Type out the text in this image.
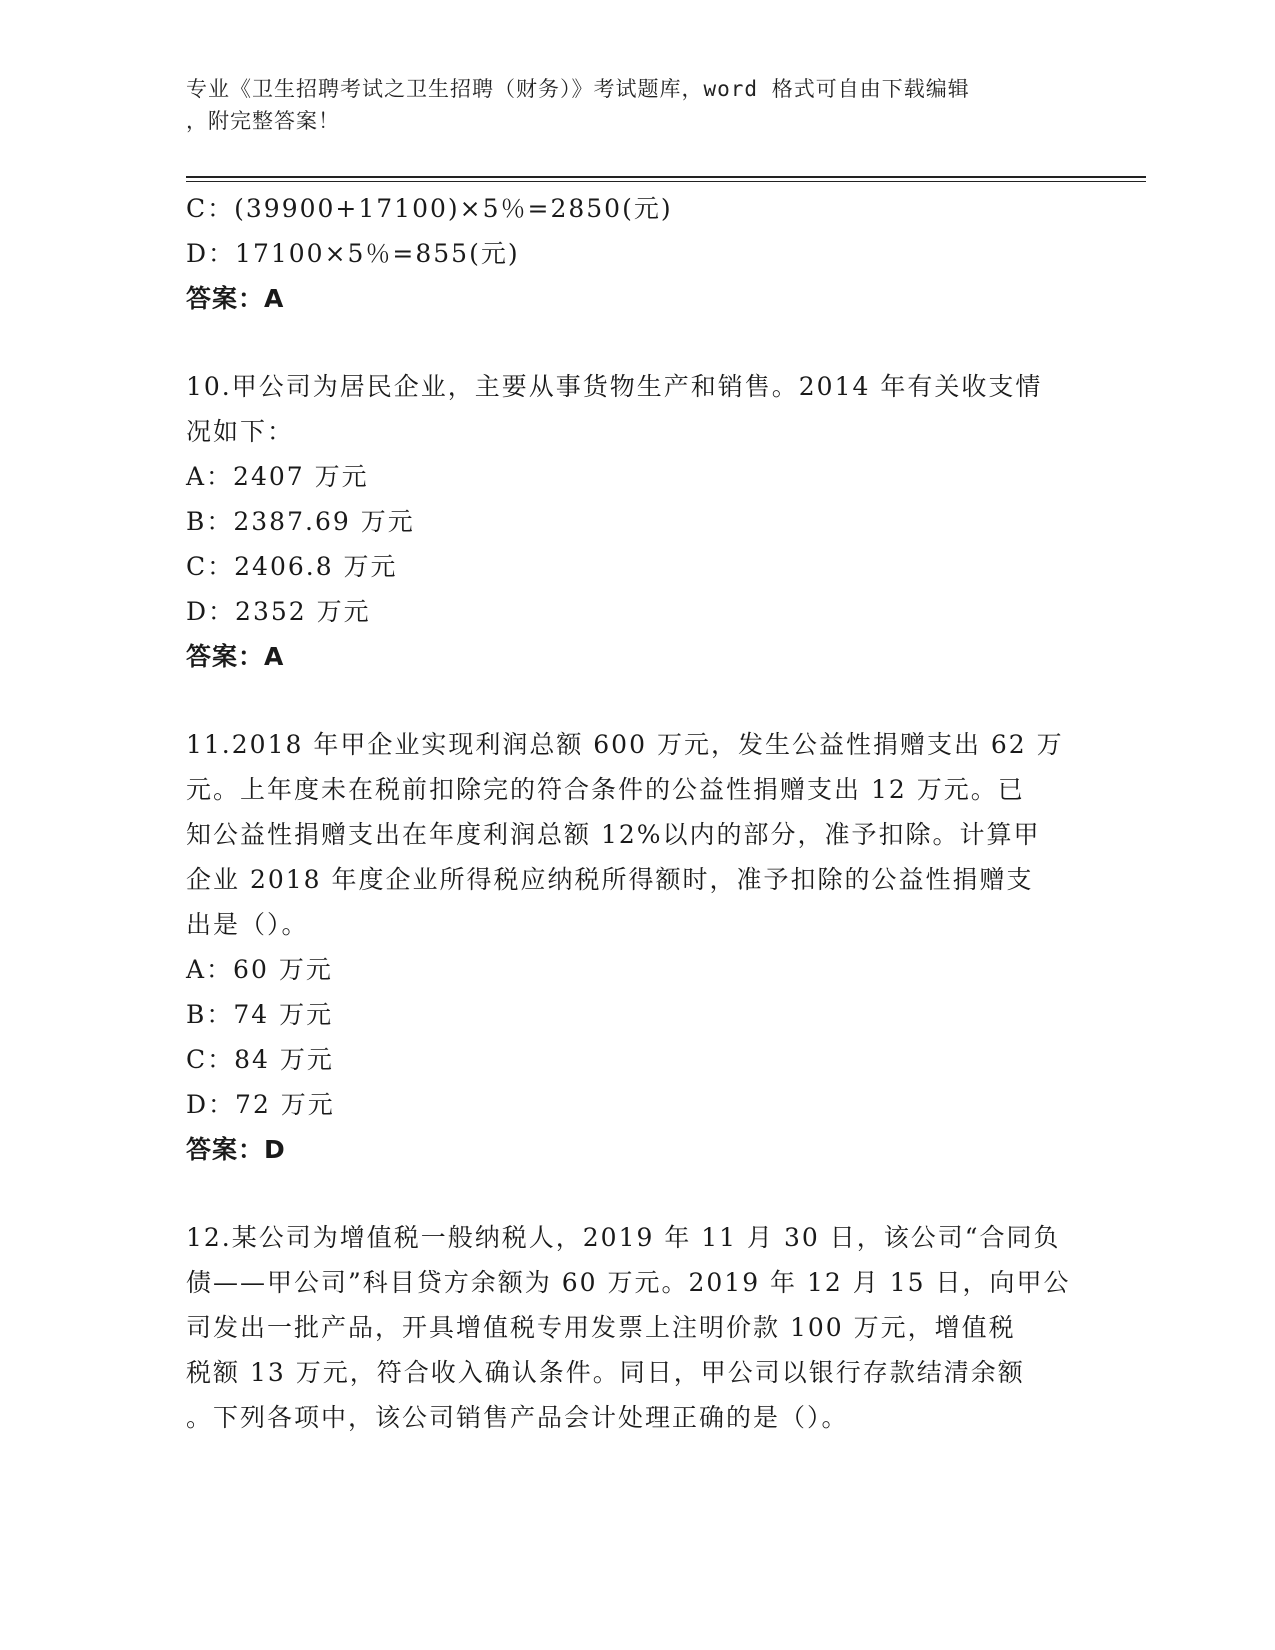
专业《卫生招聘考试之卫生招聘（财务）》考试题库，word 格式可自由下载编辑
，附完整答案！
C：(39900+17100)×5％=2850(元)
D：17100×5％=855(元)
答案：A
10.甲公司为居民企业，主要从事货物生产和销售。2014 年有关收支情
况如下：
A：2407 万元
B：2387.69 万元
C：2406.8 万元
D：2352 万元
答案：A
11.2018 年甲企业实现利润总额 600 万元，发生公益性捐赠支出 62 万
元。上年度未在税前扣除完的符合条件的公益性捐赠支出 12 万元。已
知公益性捐赠支出在年度利润总额 12%以内的部分，准予扣除。计算甲
企业 2018 年度企业所得税应纳税所得额时，准予扣除的公益性捐赠支
出是（）。
A：60 万元
B：74 万元
C：84 万元
D：72 万元
答案：D
12.某公司为增值税一般纳税人，2019 年 11 月 30 日，该公司“合同负
债——甲公司”科目贷方余额为 60 万元。2019 年 12 月 15 日，向甲公
司发出一批产品，开具增值税专用发票上注明价款 100 万元，增值税
税额 13 万元，符合收入确认条件。同日，甲公司以银行存款结清余额
。下列各项中，该公司销售产品会计处理正确的是（）。
